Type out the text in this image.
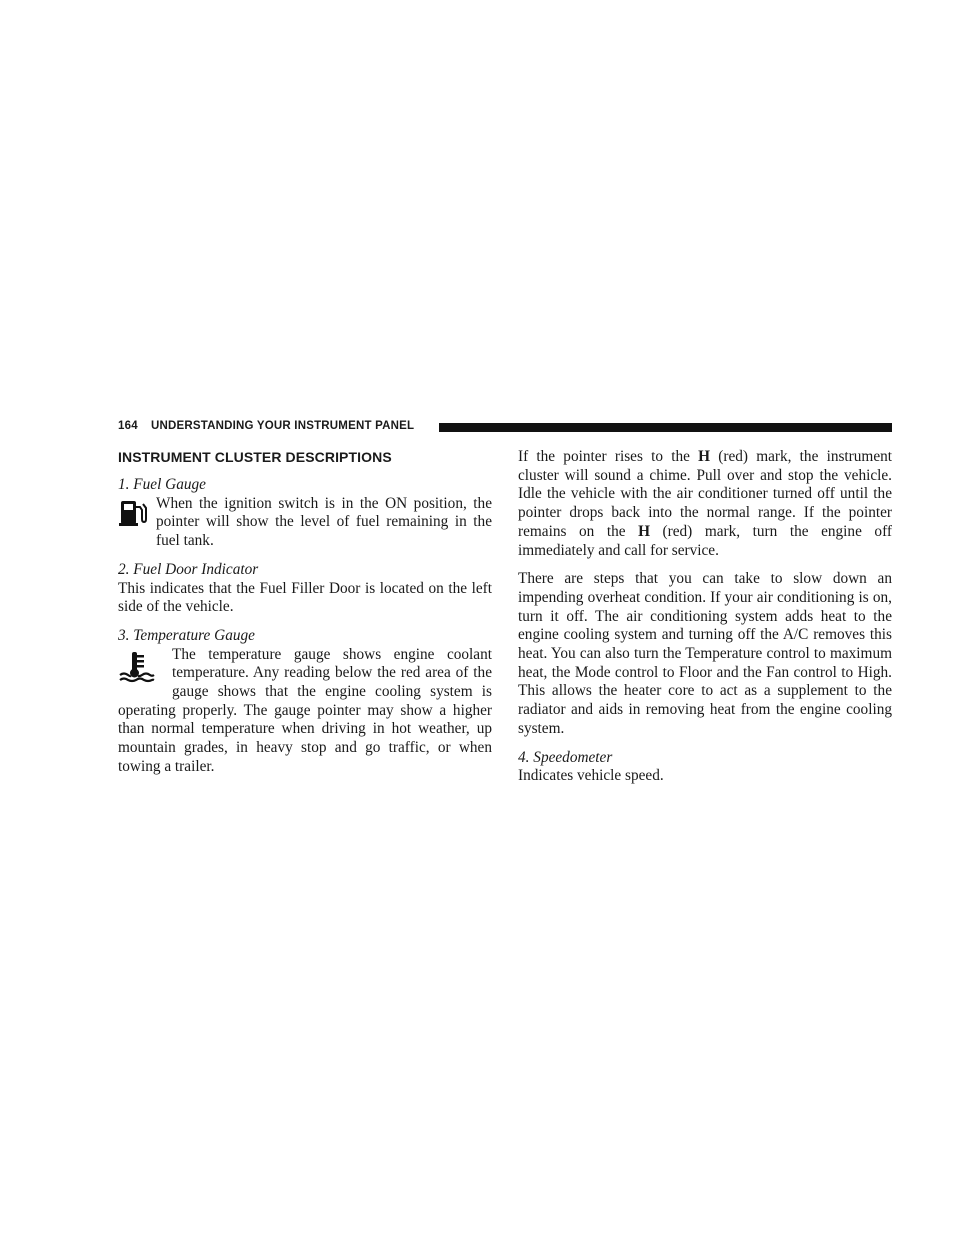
164 UNDERSTANDING YOUR INSTRUMENT PANEL
INSTRUMENT CLUSTER DESCRIPTIONS

1. Fuel Gauge

When the ignition switch is in the ON position, the pointer will show the level of fuel remaining in the fuel tank.

2. Fuel Door Indicator

This indicates that the Fuel Filler Door is located on the left side of the vehicle.

3. Temperature Gauge

The temperature gauge shows engine coolant temperature. Any reading below the red area of the gauge shows that the engine cooling system is operating properly. The gauge pointer may show a higher than normal temperature when driving in hot weather, up mountain grades, in heavy stop and go traffic, or when towing a trailer.

If the pointer rises to the H (red) mark, the instrument cluster will sound a chime. Pull over and stop the vehicle. Idle the vehicle with the air conditioner turned off until the pointer drops back into the normal range. If the pointer remains on the H (red) mark, turn the engine off immediately and call for service.

There are steps that you can take to slow down an impending overheat condition. If your air conditioning is on, turn it off. The air conditioning system adds heat to the engine cooling system and turning off the A/C removes this heat. You can also turn the Temperature control to maximum heat, the Mode control to Floor and the Fan control to High. This allows the heater core to act as a supplement to the radiator and aids in removing heat from the engine cooling system.

4. Speedometer

Indicates vehicle speed.
